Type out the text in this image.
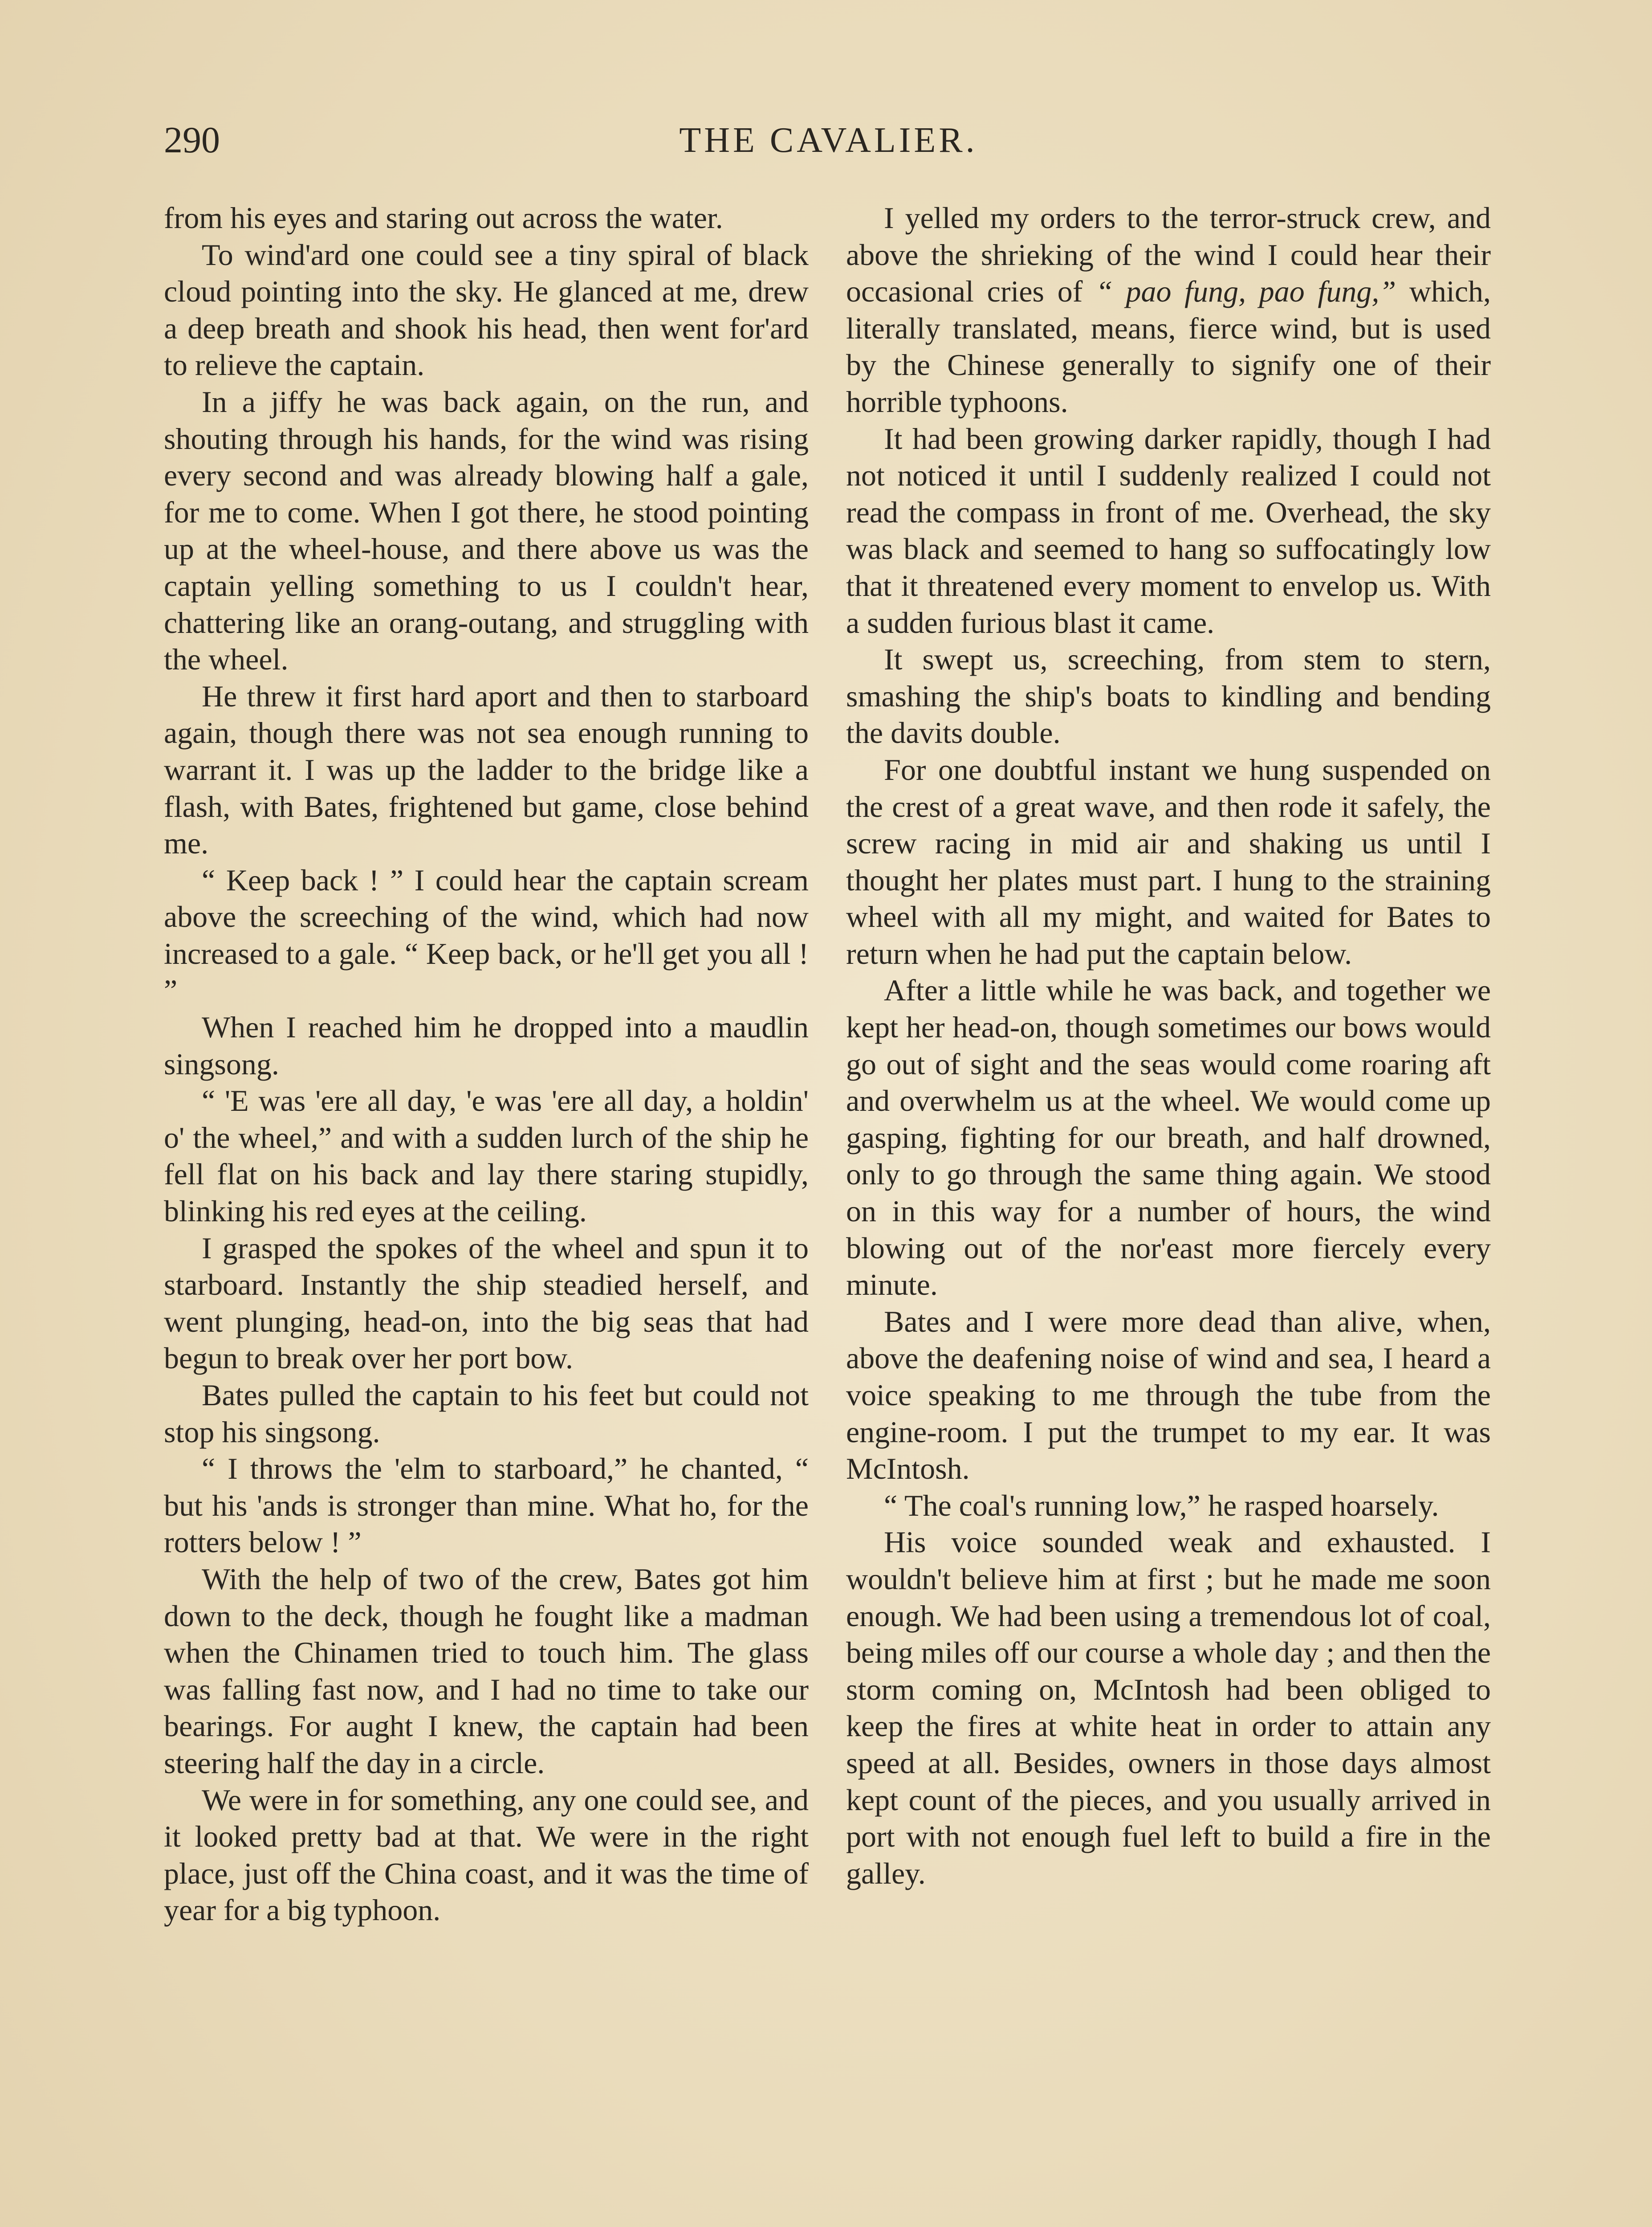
290	THE CAVALIER.

from his eyes and staring out across the water.

To wind'ard one could see a tiny spiral of black cloud pointing into the sky. He glanced at me, drew a deep breath and shook his head, then went for'ard to relieve the captain.

In a jiffy he was back again, on the run, and shouting through his hands, for the wind was rising every second and was already blowing half a gale, for me to come. When I got there, he stood pointing up at the wheel-house, and there above us was the captain yelling something to us I couldn't hear, chattering like an orang-outang, and struggling with the wheel.

He threw it first hard aport and then to starboard again, though there was not sea enough running to warrant it. I was up the ladder to the bridge like a flash, with Bates, frightened but game, close behind me.

“ Keep back ! ” I could hear the captain scream above the screeching of the wind, which had now increased to a gale. “ Keep back, or he'll get you all ! ”

When I reached him he dropped into a maudlin singsong.

“ 'E was 'ere all day, 'e was 'ere all day, a holdin' o' the wheel,” and with a sudden lurch of the ship he fell flat on his back and lay there staring stupidly, blinking his red eyes at the ceiling.

I grasped the spokes of the wheel and spun it to starboard. Instantly the ship steadied herself, and went plunging, head-on, into the big seas that had begun to break over her port bow.

Bates pulled the captain to his feet but could not stop his singsong.

“ I throws the 'elm to starboard,” he chanted, “ but his 'ands is stronger than mine. What ho, for the rotters below ! ”

With the help of two of the crew, Bates got him down to the deck, though he fought like a madman when the Chinamen tried to touch him. The glass was falling fast now, and I had no time to take our bearings. For aught I knew, the captain had been steering half the day in a circle.

We were in for something, any one could see, and it looked pretty bad at that. We were in the right place, just off the China coast, and it was the time of year for a big typhoon.

I yelled my orders to the terror-struck crew, and above the shrieking of the wind I could hear their occasional cries of “ pao fung, pao fung,” which, literally translated, means, fierce wind, but is used by the Chinese generally to signify one of their horrible typhoons.

It had been growing darker rapidly, though I had not noticed it until I suddenly realized I could not read the compass in front of me. Overhead, the sky was black and seemed to hang so suffocatingly low that it threatened every moment to envelop us. With a sudden furious blast it came.

It swept us, screeching, from stem to stern, smashing the ship's boats to kindling and bending the davits double.

For one doubtful instant we hung suspended on the crest of a great wave, and then rode it safely, the screw racing in mid air and shaking us until I thought her plates must part. I hung to the straining wheel with all my might, and waited for Bates to return when he had put the captain below.

After a little while he was back, and together we kept her head-on, though sometimes our bows would go out of sight and the seas would come roaring aft and overwhelm us at the wheel. We would come up gasping, fighting for our breath, and half drowned, only to go through the same thing again. We stood on in this way for a number of hours, the wind blowing out of the nor'east more fiercely every minute.

Bates and I were more dead than alive, when, above the deafening noise of wind and sea, I heard a voice speaking to me through the tube from the engine-room. I put the trumpet to my ear. It was McIntosh.

“ The coal's running low,” he rasped hoarsely.

His voice sounded weak and exhausted. I wouldn't believe him at first ; but he made me soon enough. We had been using a tremendous lot of coal, being miles off our course a whole day ; and then the storm coming on, McIntosh had been obliged to keep the fires at white heat in order to attain any speed at all. Besides, owners in those days almost kept count of the pieces, and you usually arrived in port with not enough fuel left to build a fire in the galley.
